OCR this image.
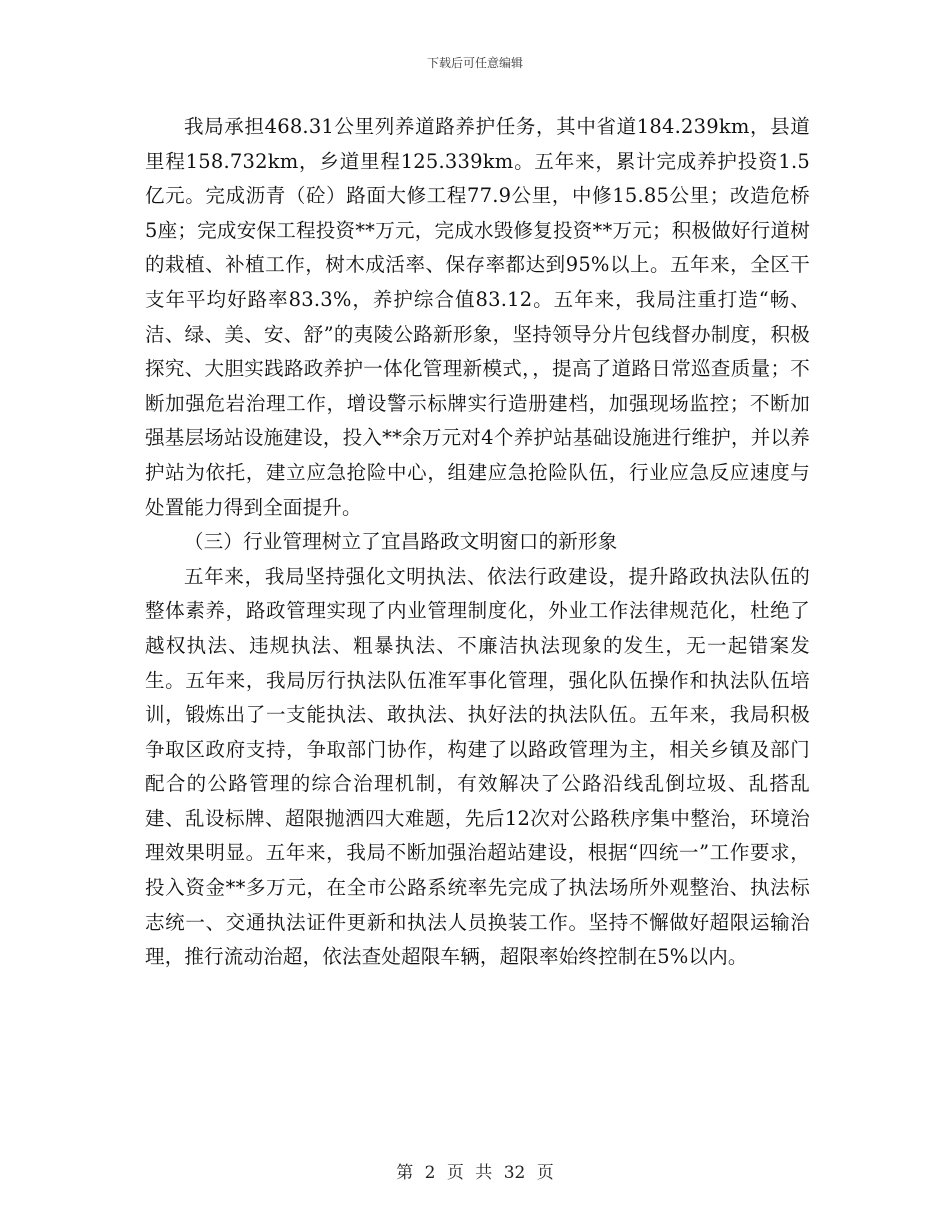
下载后可任意编辑

我局承担468.31公里列养道路养护任务，其中省道184.239km，县道里程158.732km，乡道里程125.339km。五年来，累计完成养护投资1.5亿元。完成沥青（砼）路面大修工程77.9公里，中修15.85公里；改造危桥5座；完成安保工程投资**万元，完成水毁修复投资**万元；积极做好行道树的栽植、补植工作，树木成活率、保存率都达到95%以上。五年来，全区干支年平均好路率83.3%，养护综合值83.12。五年来，我局注重打造“畅、洁、绿、美、安、舒”的夷陵公路新形象，坚持领导分片包线督办制度，积极探究、大胆实践路政养护一体化管理新模式，，提高了道路日常巡查质量；不断加强危岩治理工作，增设警示标牌实行造册建档，加强现场监控；不断加强基层场站设施建设，投入**余万元对4个养护站基础设施进行维护，并以养护站为依托，建立应急抢险中心，组建应急抢险队伍，行业应急反应速度与处置能力得到全面提升。

（三）行业管理树立了宜昌路政文明窗口的新形象

五年来，我局坚持强化文明执法、依法行政建设，提升路政执法队伍的整体素养，路政管理实现了内业管理制度化，外业工作法律规范化，杜绝了越权执法、违规执法、粗暴执法、不廉洁执法现象的发生，无一起错案发生。五年来，我局厉行执法队伍准军事化管理，强化队伍操作和执法队伍培训，锻炼出了一支能执法、敢执法、执好法的执法队伍。五年来，我局积极争取区政府支持，争取部门协作，构建了以路政管理为主，相关乡镇及部门配合的公路管理的综合治理机制，有效解决了公路沿线乱倒垃圾、乱搭乱建、乱设标牌、超限抛洒四大难题，先后12次对公路秩序集中整治，环境治理效果明显。五年来，我局不断加强治超站建设，根据“四统一”工作要求，投入资金**多万元，在全市公路系统率先完成了执法场所外观整治、执法标志统一、交通执法证件更新和执法人员换装工作。坚持不懈做好超限运输治理，推行流动治超，依法查处超限车辆，超限率始终控制在5%以内。

第 2 页 共 32 页
